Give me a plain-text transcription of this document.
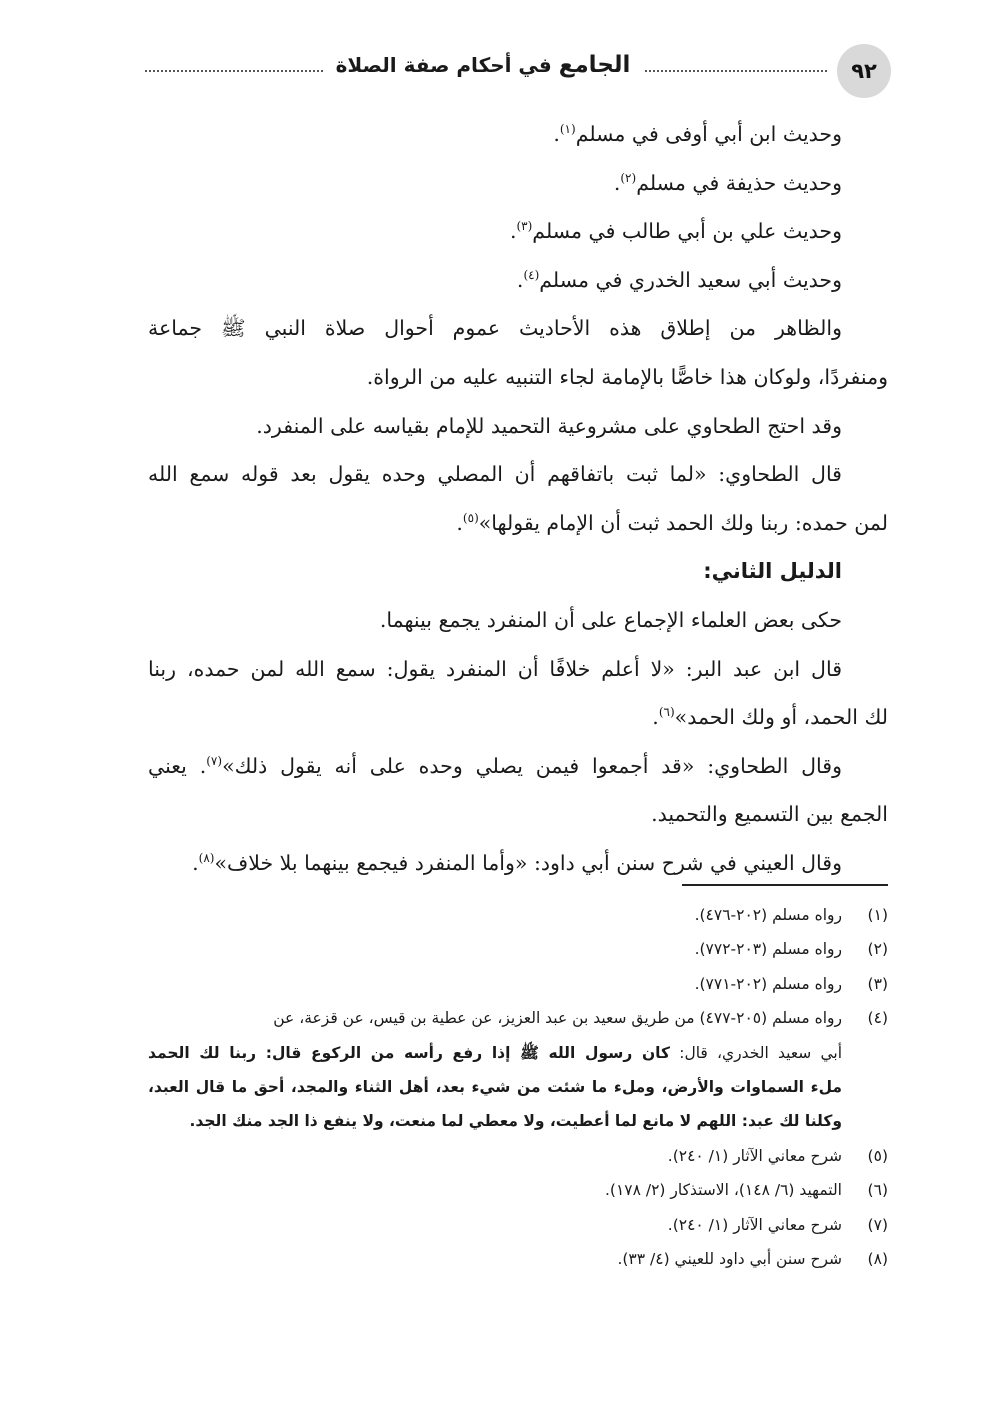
٩٢
الجامع في أحكام صفة الصلاة
وحديث ابن أبي أوفى في مسلم$^{(١)}$.
وحديث حذيفة في مسلم$^{(٢)}$.
وحديث علي بن أبي طالب في مسلم$^{(٣)}$.
وحديث أبي سعيد الخدري في مسلم$^{(٤)}$.
والظاهر من إطلاق هذه الأحاديث عموم أحوال صلاة النبي ﷺ جماعة
ومنفردًا، ولوكان هذا خاصًّا بالإمامة لجاء التنبيه عليه من الرواة.
وقد احتج الطحاوي على مشروعية التحميد للإمام بقياسه على المنفرد.
قال الطحاوي: «لما ثبت باتفاقهم أن المصلي وحده يقول بعد قوله سمع الله
لمن حمده: ربنا ولك الحمد ثبت أن الإمام يقولها»$^{(٥)}$.
الدليل الثاني:
حكى بعض العلماء الإجماع على أن المنفرد يجمع بينهما.
قال ابن عبد البر: «لا أعلم خلافًا أن المنفرد يقول: سمع الله لمن حمده، ربنا
لك الحمد، أو ولك الحمد»$^{(٦)}$.
وقال الطحاوي: «قد أجمعوا فيمن يصلي وحده على أنه يقول ذلك»$^{(٧)}$. يعني
الجمع بين التسميع والتحميد.
وقال العيني في شرح سنن أبي داود: «وأما المنفرد فيجمع بينهما بلا خلاف»$^{(٨)}$.
(١)رواه مسلم (٢٠٢-٤٧٦).
(٢)رواه مسلم (٢٠٣-٧٧٢).
(٣)رواه مسلم (٢٠٢-٧٧١).
(٤)رواه مسلم (٢٠٥-٤٧٧) من طريق سعيد بن عبد العزيز، عن عطية بن قيس، عن قزعة، عن
أبي سعيد الخدري، قال: كان رسول الله ﷺ إذا رفع رأسه من الركوع قال: ربنا لك الحمد
ملء السماوات والأرض، وملء ما شئت من شيء بعد، أهل الثناء والمجد، أحق ما قال العبد،
وكلنا لك عبد: اللهم لا مانع لما أعطيت، ولا معطي لما منعت، ولا ينفع ذا الجد منك الجد.
(٥)شرح معاني الآثار (١/ ٢٤٠).
(٦)التمهيد (٦/ ١٤٨)، الاستذكار (٢/ ١٧٨).
(٧)شرح معاني الآثار (١/ ٢٤٠).
(٨)شرح سنن أبي داود للعيني (٤/ ٣٣).
